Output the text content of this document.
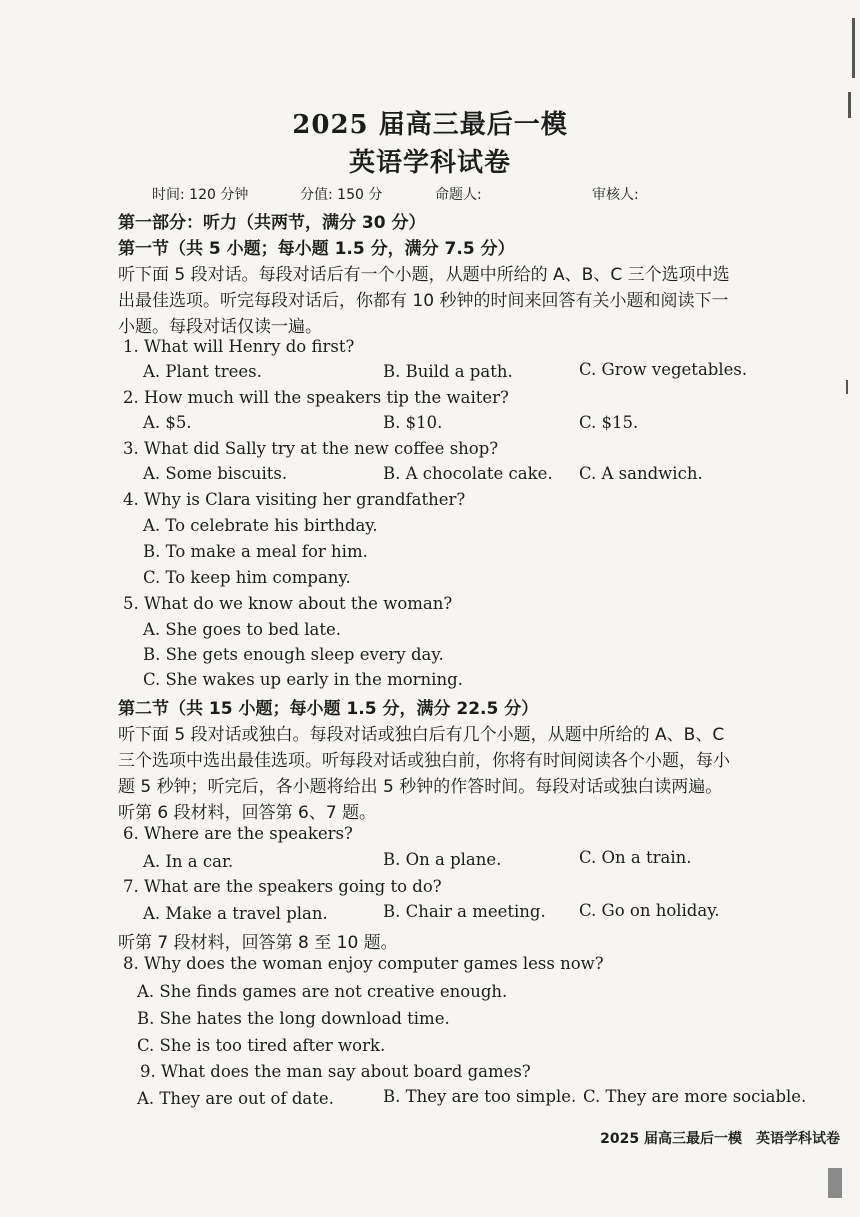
2025 届高三最后一模
英语学科试卷
时间: 120 分钟	分值: 150 分	命题人:	审核人:
第一部分：听力（共两节，满分 30 分）
第一节（共 5 小题；每小题 1.5 分，满分 7.5 分）
听下面 5 段对话。每段对话后有一个小题，从题中所给的 A、B、C 三个选项中选
出最佳选项。听完每段对话后，你都有 10 秒钟的时间来回答有关小题和阅读下一
小题。每段对话仅读一遍。
1. What will Henry do first?
A. Plant trees.	B. Build a path.	C. Grow vegetables.
2. How much will the speakers tip the waiter?
A. $5.	B. $10.	C. $15.
3. What did Sally try at the new coffee shop?
A. Some biscuits.	B. A chocolate cake. C. A sandwich.
4. Why is Clara visiting her grandfather?
A. To celebrate his birthday.
B. To make a meal for him.
C. To keep him company.
5. What do we know about the woman?
A. She goes to bed late.
B. She gets enough sleep every day.
C. She wakes up early in the morning.
第二节（共 15 小题；每小题 1.5 分，满分 22.5 分）
听下面 5 段对话或独白。每段对话或独白后有几个小题，从题中所给的 A、B、C
三个选项中选出最佳选项。听每段对话或独白前，你将有时间阅读各个小题，每小
题 5 秒钟；听完后，各小题将给出 5 秒钟的作答时间。每段对话或独白读两遍。
听第 6 段材料，回答第 6、7 题。
6. Where are the speakers?
A. In a car.	B. On a plane.	C. On a train.
7. What are the speakers going to do?
A. Make a travel plan.	B. Chair a meeting. C. Go on holiday.
听第 7 段材料，回答第 8 至 10 题。
8. Why does the woman enjoy computer games less now?
A. She finds games are not creative enough.
B. She hates the long download time.
C. She is too tired after work.
9. What does the man say about board games?
A. They are out of date.	B. They are too simple. C. They are more sociable.
2025 届高三最后一模　英语学科试卷
